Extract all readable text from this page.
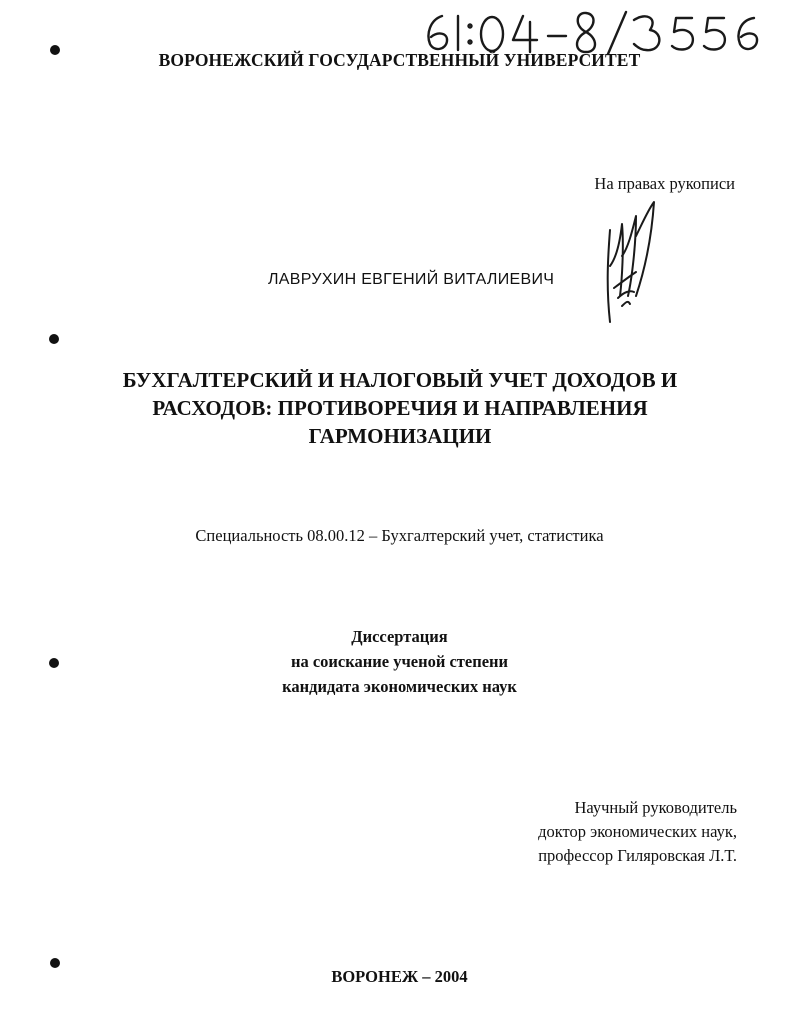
ВОРОНЕЖСКИЙ ГОСУДАРСТВЕННЫЙ УНИВЕРСИТЕТ
На правах рукописи
ЛАВРУХИН ЕВГЕНИЙ ВИТАЛИЕВИЧ
БУХГАЛТЕРСКИЙ И НАЛОГОВЫЙ УЧЕТ ДОХОДОВ И
РАСХОДОВ: ПРОТИВОРЕЧИЯ И НАПРАВЛЕНИЯ
ГАРМОНИЗАЦИИ
Специальность 08.00.12 – Бухгалтерский учет, статистика
Диссертация
на соискание ученой степени
кандидата экономических наук
Научный руководитель
доктор экономических наук,
профессор Гиляровская Л.Т.
ВОРОНЕЖ – 2004
